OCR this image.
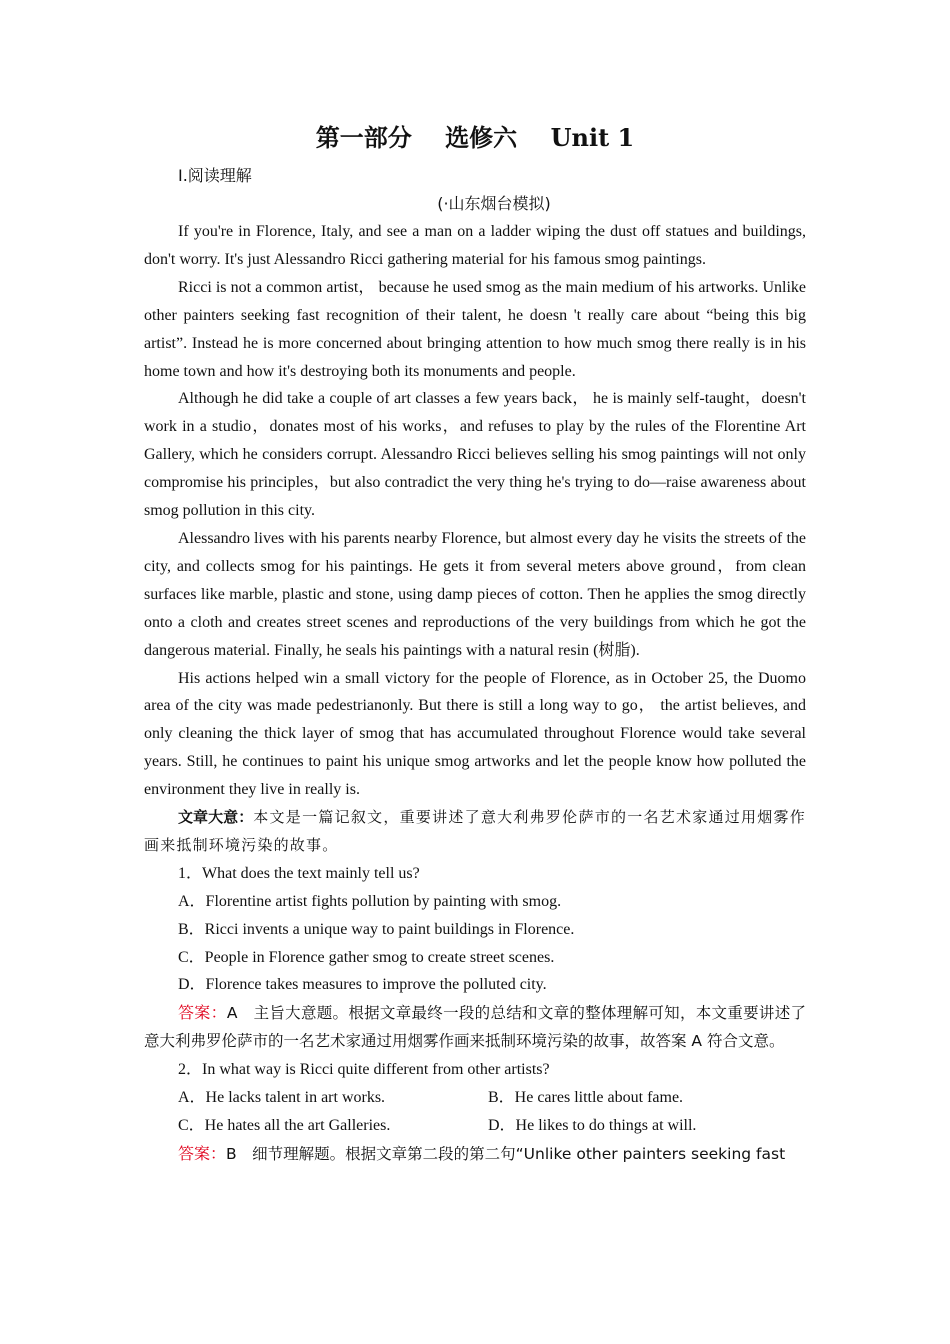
第一部分    选修六    Unit 1
Ⅰ.阅读理解
(·山东烟台模拟)

If you're in Florence, Italy, and see a man on a ladder wiping the dust off statues and buildings, don't worry. It's just Alessandro Ricci gathering material for his famous smog paintings.

Ricci is not a common artist， because he used smog as the main medium of his artworks. Unlike other painters seeking fast recognition of their talent, he doesn 't really care about “being this big artist”. Instead he is more concerned about bringing attention to how much smog there really is in his home town and how it's destroying both its monuments and people.

Although he did take a couple of art classes a few years back， he is mainly self-taught，doesn't work in a studio，donates most of his works，and refuses to play by the rules of the Florentine Art Gallery, which he considers corrupt. Alessandro Ricci believes selling his smog paintings will not only compromise his principles，but also contradict the very thing he's trying to do—raise awareness about smog pollution in this city.

Alessandro lives with his parents nearby Florence, but almost every day he visits the streets of the city, and collects smog for his paintings. He gets it from several meters above ground，from clean surfaces like marble, plastic and stone, using damp pieces of cotton. Then he applies the smog directly onto a cloth and creates street scenes and reproductions of the very buildings from which he got the dangerous material. Finally, he seals his paintings with a natural resin (树脂).

His actions helped win a small victory for the people of Florence, as in October 25, the Duomo area of the city was made pedestrianonly. But there is still a long way to go， the artist believes, and only cleaning the thick layer of smog that has accumulated throughout Florence would take several years. Still, he continues to paint his unique smog artworks and let the people know how polluted the environment they live in really is.

文章大意：本文是一篇记叙文，重要讲述了意大利弗罗伦萨市的一名艺术家通过用烟雾作画来抵制环境污染的故事。

1．What does the text mainly tell us?

A．Florentine artist fights pollution by painting with smog.

B．Ricci invents a unique way to paint buildings in Florence.

C．People in Florence gather smog to create street scenes.

D．Florence takes measures to improve the polluted city.

答案：A　主旨大意题。根据文章最终一段的总结和文章的整体理解可知，本文重要讲述了意大利弗罗伦萨市的一名艺术家通过用烟雾作画来抵制环境污染的故事，故答案 A 符合文意。

2．In what way is Ricci quite different from other artists?

A．He lacks talent in art works.	B．He cares little about fame.
C．He hates all the art Galleries.	D．He likes to do things at will.

答案：B　细节理解题。根据文章第二段的第二句“Unlike other painters seeking fast
